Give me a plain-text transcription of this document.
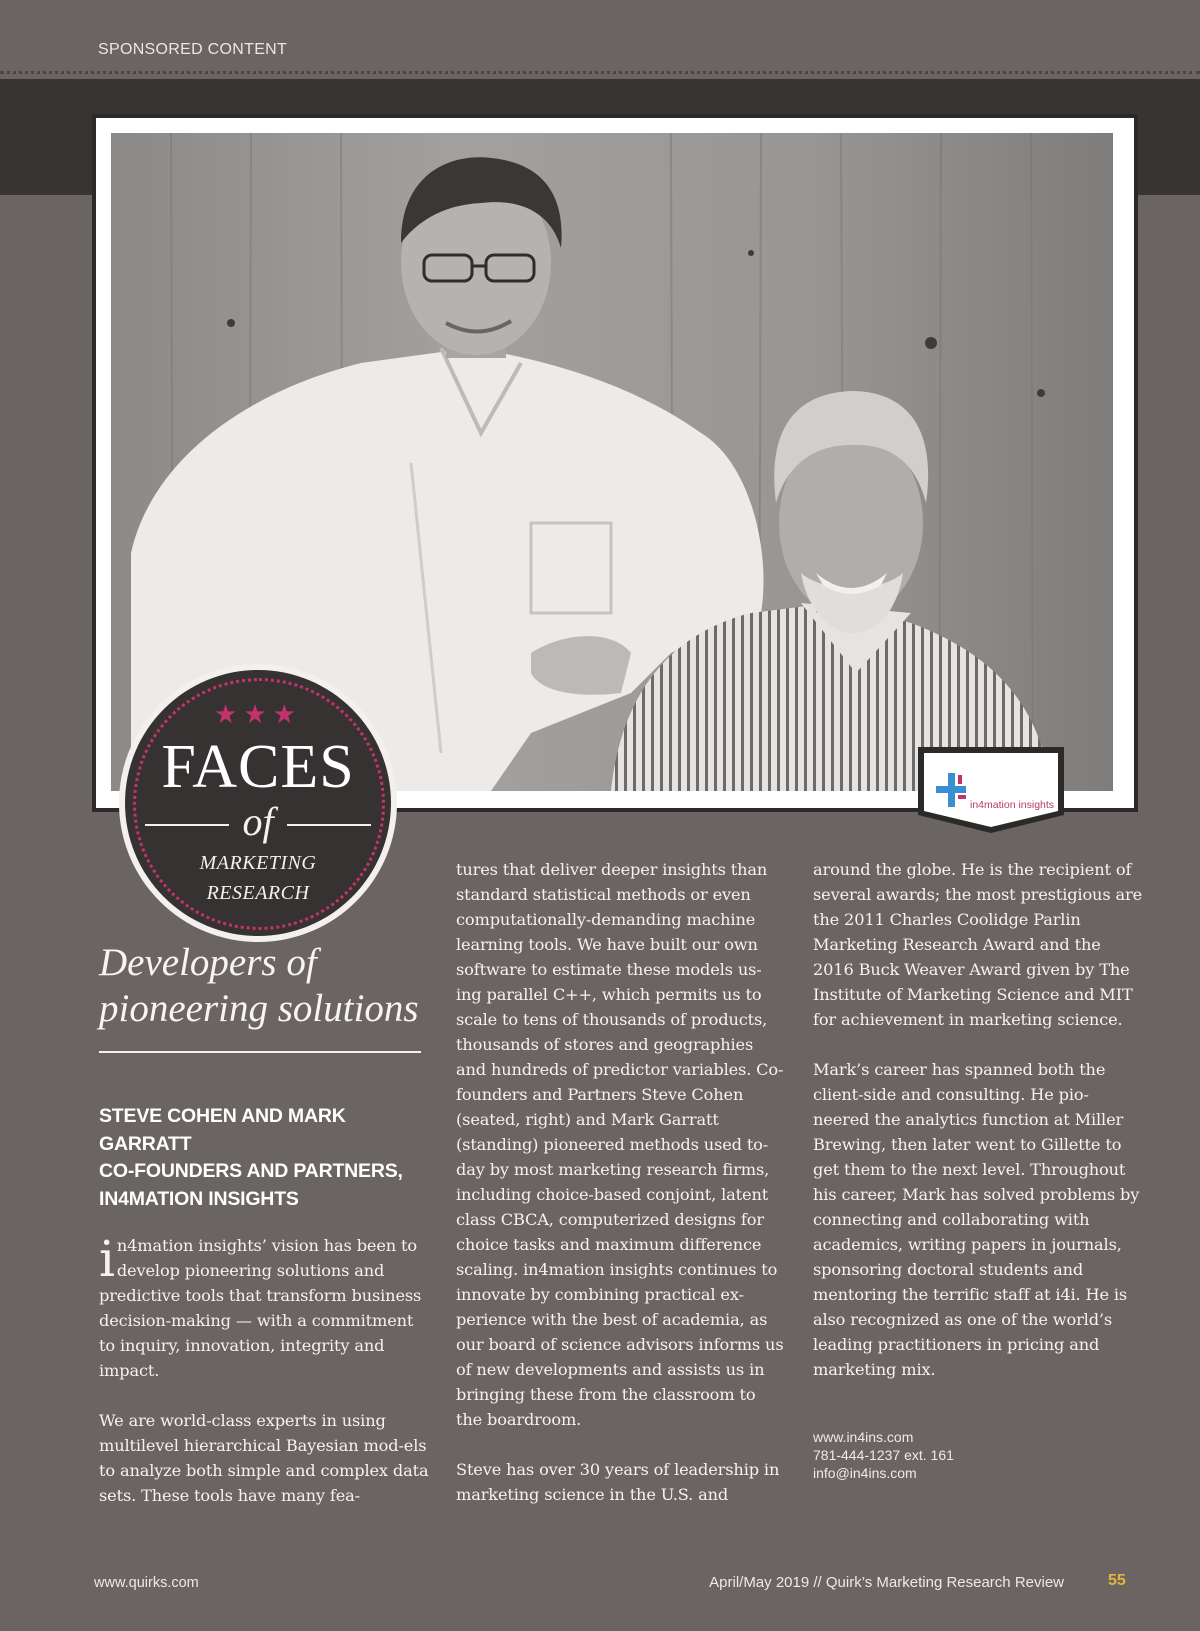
SPONSORED CONTENT
in4mation insights
★★★
FACES
of
MARKETING
RESEARCH
Developers of
pioneering solutions
STEVE COHEN AND MARK GARRATT
CO-FOUNDERS AND PARTNERS,
IN4MATION INSIGHTS

in4mation insights’ vision has been to develop pioneering solutions and predictive tools that transform business decision-making — with a commitment to inquiry, innovation, integrity and impact.

We are world-class experts in using multilevel hierarchical Bayesian mod-els to analyze both simple and complex data sets. These tools have many fea-

tures that deliver deeper insights than standard statistical methods or even computationally-demanding machine learning tools. We have built our own software to estimate these models us-ing parallel C++, which permits us to scale to tens of thousands of products, thousands of stores and geographies and hundreds of predictor variables. Co-founders and Partners Steve Cohen (seated, right) and Mark Garratt (standing) pioneered methods used to-day by most marketing research firms, including choice-based conjoint, latent class CBCA, computerized designs for choice tasks and maximum difference scaling. in4mation insights continues to innovate by combining practical ex-perience with the best of academia, as our board of science advisors informs us of new developments and assists us in bringing these from the classroom to the boardroom.

Steve has over 30 years of leadership in marketing science in the U.S. and

around the globe. He is the recipient of several awards; the most prestigious are the 2011 Charles Coolidge Parlin Marketing Research Award and the 2016 Buck Weaver Award given by The Institute of Marketing Science and MIT for achievement in marketing science.

Mark’s career has spanned both the client-side and consulting. He pio-neered the analytics function at Miller Brewing, then later went to Gillette to get them to the next level. Throughout his career, Mark has solved problems by connecting and collaborating with academics, writing papers in journals, sponsoring doctoral students and mentoring the terrific staff at i4i. He is also recognized as one of the world’s leading practitioners in pricing and marketing mix.

www.in4ins.com
781-444-1237 ext. 161
info@in4ins.com
www.quirks.com	April/May 2019 // Quirk’s Marketing Research Review	55
